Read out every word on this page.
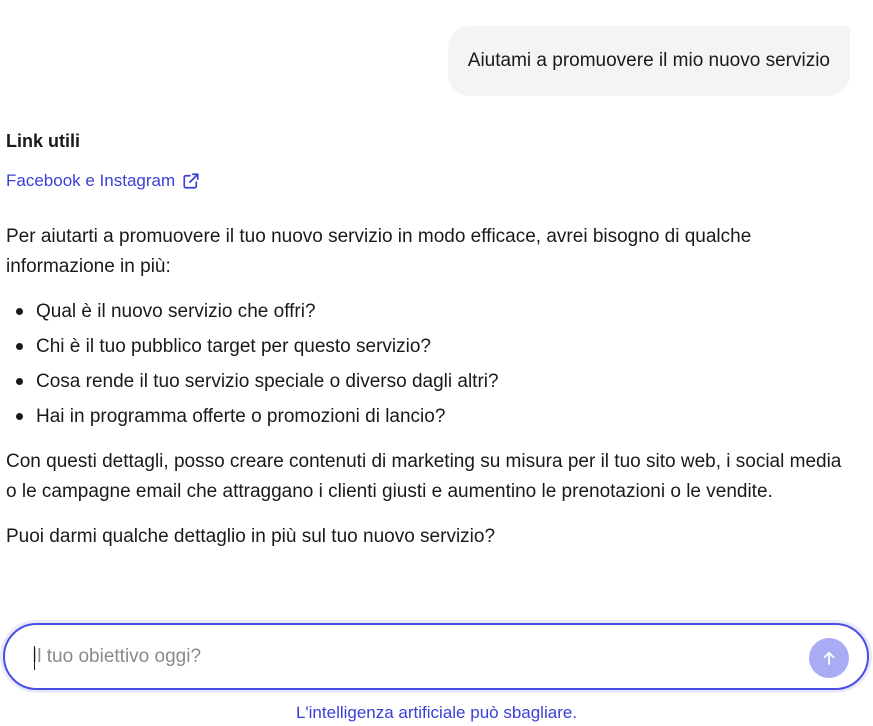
Aiutami a promuovere il mio nuovo servizio

Link utili

Facebook e Instagram

Per aiutarti a promuovere il tuo nuovo servizio in modo efficace, avrei bisogno di qualche informazione in più:

Qual è il nuovo servizio che offri?
Chi è il tuo pubblico target per questo servizio?
Cosa rende il tuo servizio speciale o diverso dagli altri?
Hai in programma offerte o promozioni di lancio?

Con questi dettagli, posso creare contenuti di marketing su misura per il tuo sito web, i social media o le campagne email che attraggano i clienti giusti e aumentino le prenotazioni o le vendite.

Puoi darmi qualche dettaglio in più sul tuo nuovo servizio?

Il tuo obiettivo oggi?
L'intelligenza artificiale può sbagliare.
